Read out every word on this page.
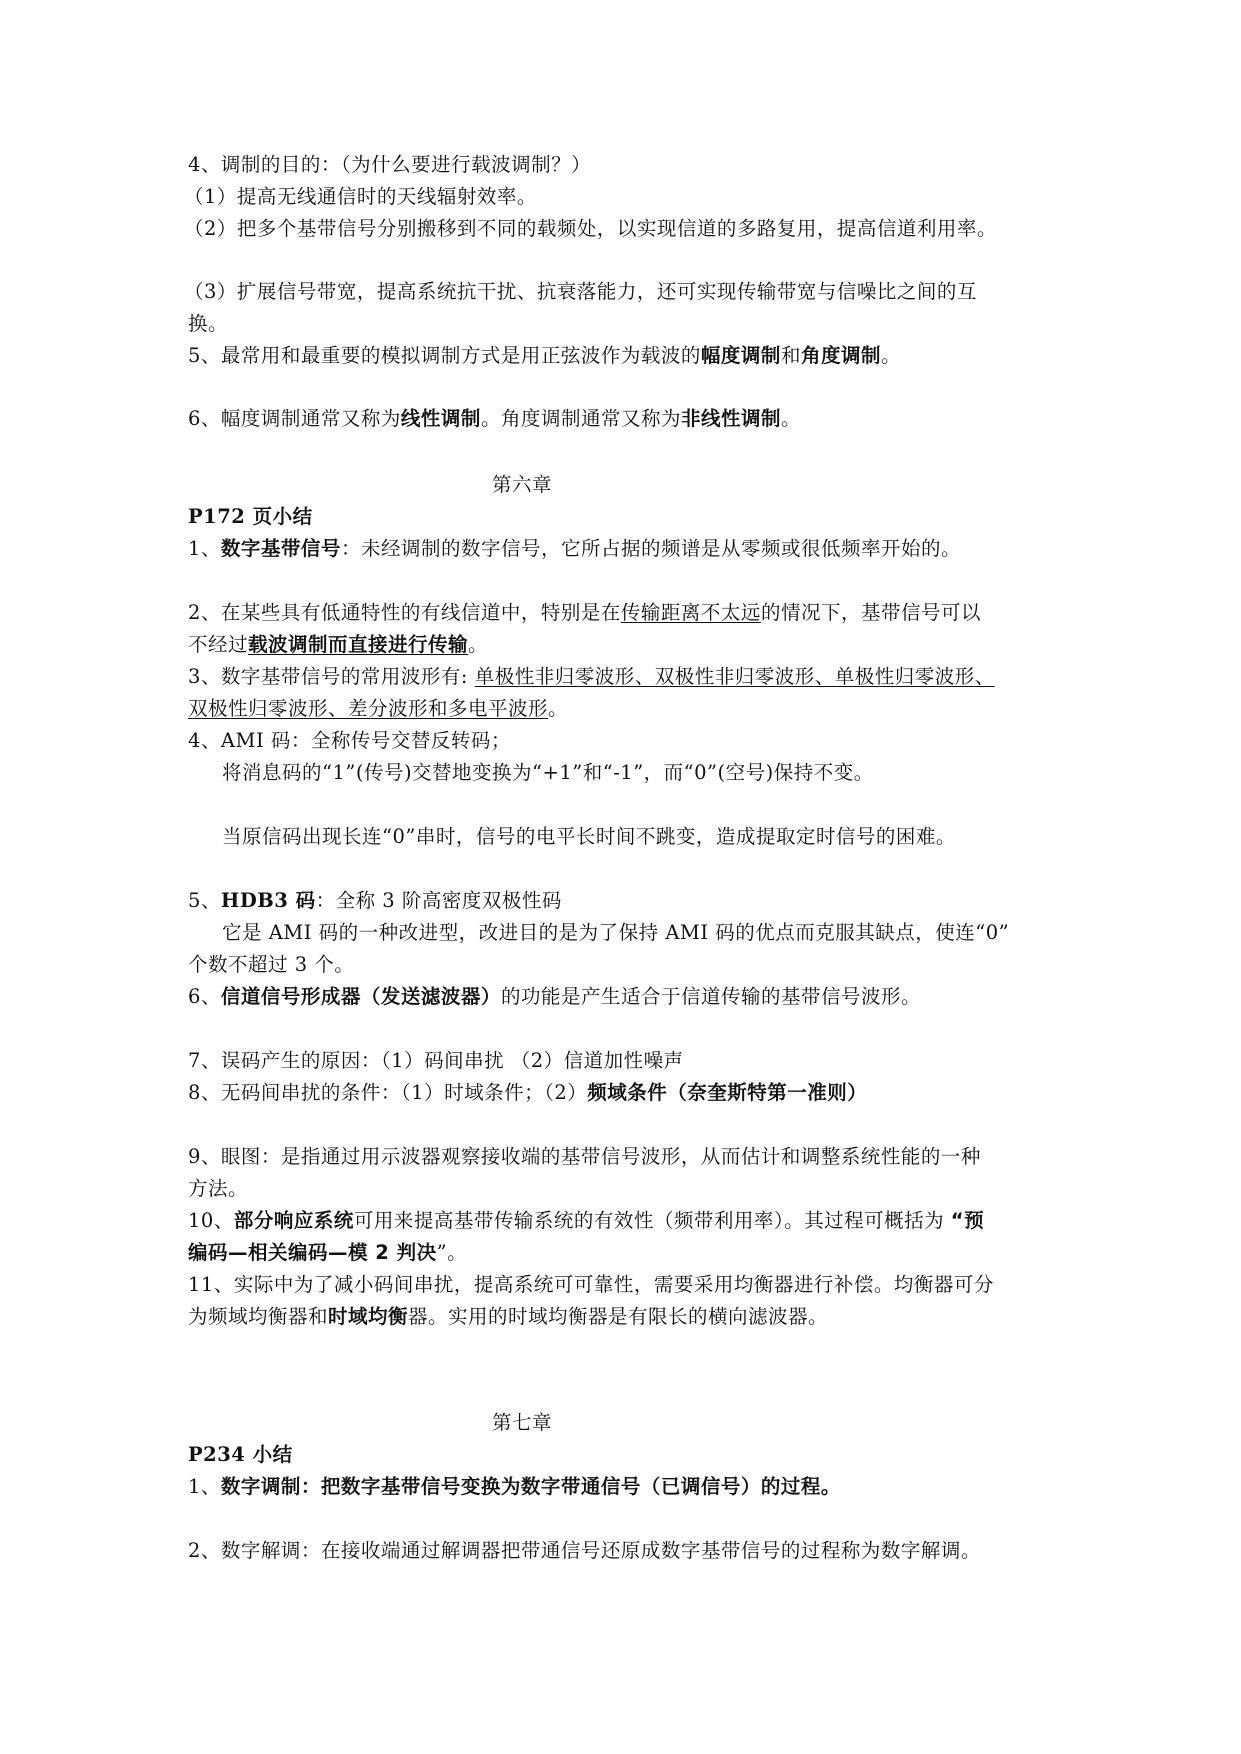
4、调制的目的：（为什么要进行载波调制？）
（1）提高无线通信时的天线辐射效率。
（2）把多个基带信号分别搬移到不同的载频处，以实现信道的多路复用，提高信道利用率。
（3）扩展信号带宽，提高系统抗干扰、抗衰落能力，还可实现传输带宽与信噪比之间的互
换。
5、最常用和最重要的模拟调制方式是用正弦波作为载波的幅度调制和角度调制。
6、幅度调制通常又称为线性调制。角度调制通常又称为非线性调制。
第六章
P172 页小结
1、数字基带信号：未经调制的数字信号，它所占据的频谱是从零频或很低频率开始的。
2、在某些具有低通特性的有线信道中，特别是在传输距离不太远的情况下，基带信号可以
不经过载波调制而直接进行传输。
3、数字基带信号的常用波形有: 单极性非归零波形、双极性非归零波形、单极性归零波形、
双极性归零波形、差分波形和多电平波形。
4、AMI 码：全称传号交替反转码；
将消息码的“1”(传号)交替地变换为“+1”和“-1”，而“0”(空号)保持不变。
当原信码出现长连“0”串时，信号的电平长时间不跳变，造成提取定时信号的困难。
5、HDB3 码：全称 3 阶高密度双极性码
它是 AMI 码的一种改进型，改进目的是为了保持 AMI 码的优点而克服其缺点，使连“0”
个数不超过 3 个。
6、信道信号形成器（发送滤波器）的功能是产生适合于信道传输的基带信号波形。
7、误码产生的原因：（1）码间串扰 （2）信道加性噪声
8、无码间串扰的条件：（1）时域条件；（2）频域条件（奈奎斯特第一准则）
9、眼图：是指通过用示波器观察接收端的基带信号波形，从而估计和调整系统性能的一种
方法。
10、部分响应系统可用来提高基带传输系统的有效性（频带利用率）。其过程可概括为 “预
编码—相关编码—模 2 判决”。
11、实际中为了减小码间串扰，提高系统可可靠性，需要采用均衡器进行补偿。均衡器可分
为频域均衡器和时域均衡器。实用的时域均衡器是有限长的横向滤波器。
第七章
P234 小结
1、数字调制：把数字基带信号变换为数字带通信号（已调信号）的过程。
2、数字解调：在接收端通过解调器把带通信号还原成数字基带信号的过程称为数字解调。
